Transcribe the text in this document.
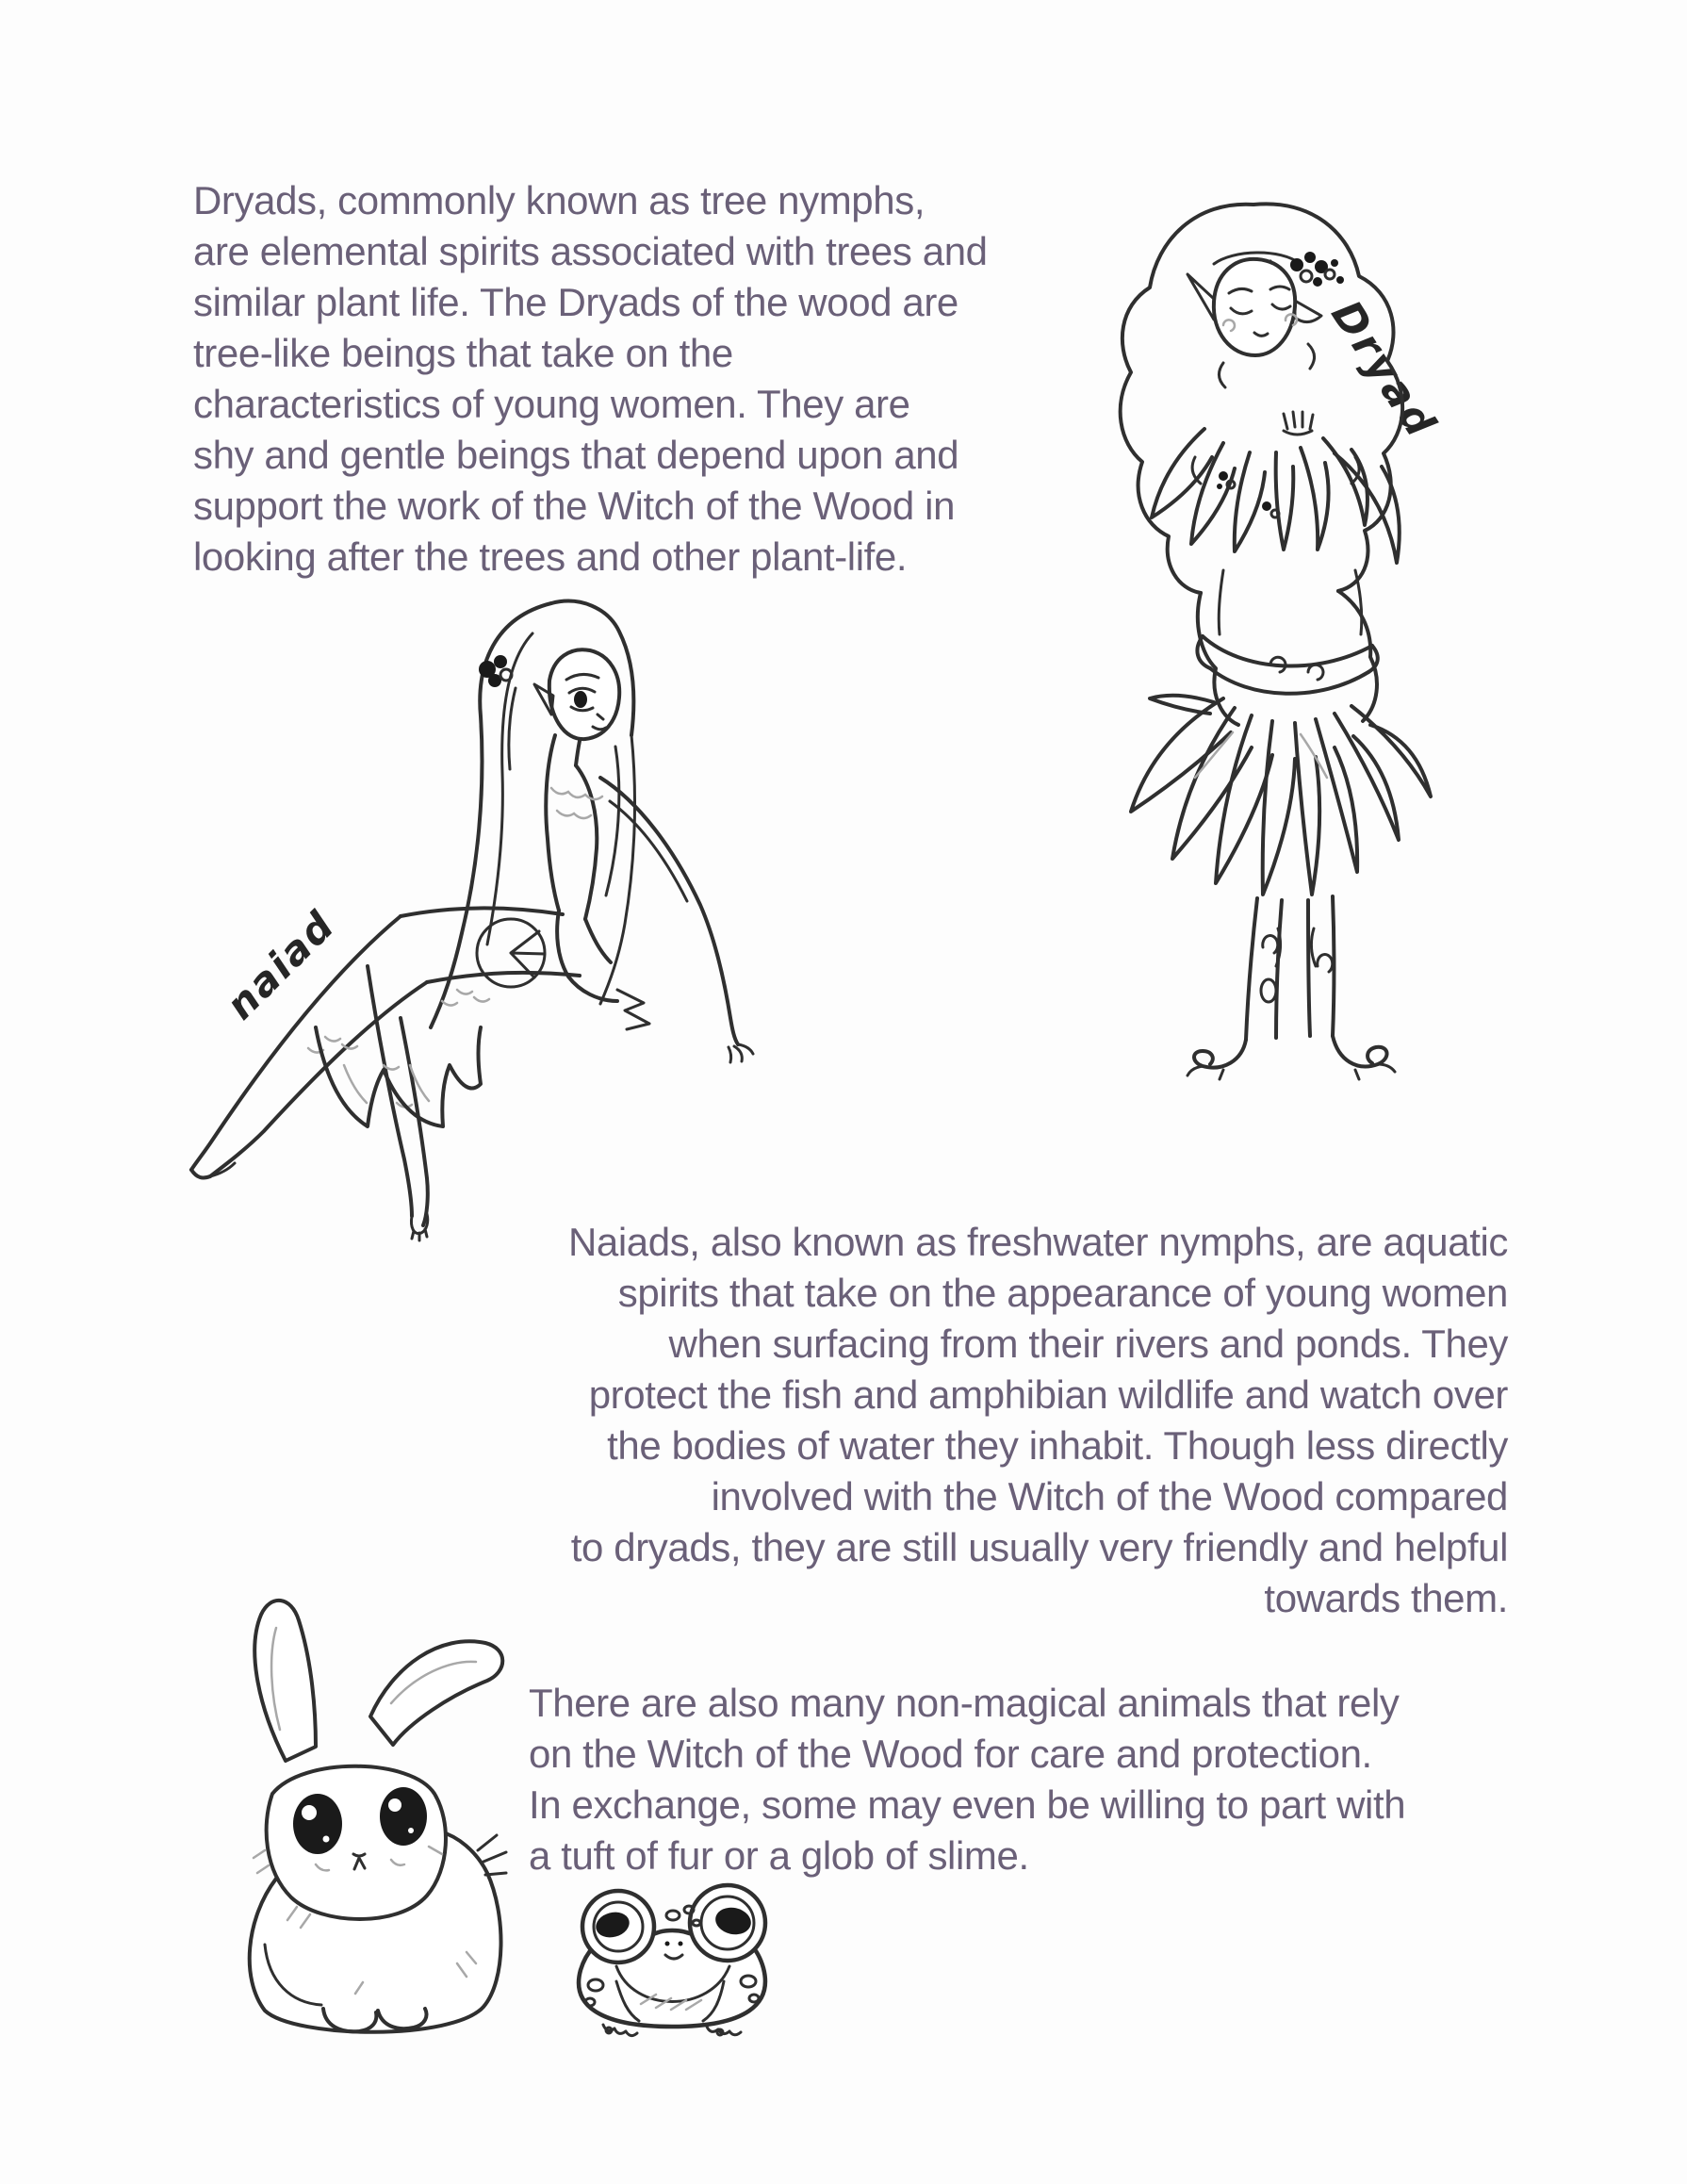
Dryads, commonly known as tree nymphs,
are elemental spirits associated with trees and
similar plant life. The Dryads of the wood are
tree-like beings that take on the
characteristics of young women. They are
shy and gentle beings that depend upon and
support the work of the Witch of the Wood in
looking after the trees and other plant-life.
Naiads, also known as freshwater nymphs, are aquatic
spirits that take on the appearance of young women
when surfacing from their rivers and ponds. They
protect the fish and amphibian wildlife and watch over
the bodies of water they inhabit. Though less directly
involved with the Witch of the Wood compared
to dryads, they are still usually very friendly and helpful
towards them.
There are also many non-magical animals that rely
on the Witch of the Wood for care and protection.
In exchange, some may even be willing to part with
a tuft of fur or a glob of slime.
Dryad
naiad
